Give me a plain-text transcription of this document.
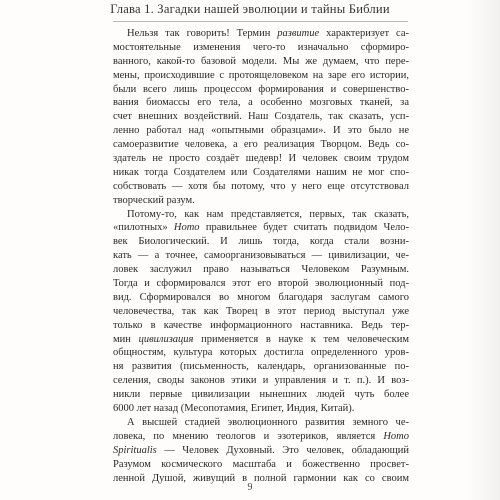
Глава 1. Загадки нашей эволюции и тайны Библии
Нельзя так говорить! Термин развитие характеризует са-
мостоятельные изменения чего-то изначально сформиро-
ванного, какой-то базовой модели. Мы же думаем, что пере-
мены, происходившие с протоящеловеком на заре его истории,
были всего лишь процессом формирования и совершенство-
вания биомассы его тела, а особенно мозговых тканей, за
счет внешних воздействий. Наш Создатель, так сказать, усп-
ленно работал над «опытными образцами». И это было не
самоеразвитие человека, а его реализация Творцом. Ведь со-
здатель не просто создаёт шедевр! И человек своим трудом
никак тогда Создателем или Создателями нашим не мог спо-
собствовать — хотя бы потому, что у него еще отсутствовал
творческий разум.
Потому-то, как нам представляется, первых, так сказать,
«пилотных» Homo правильнее будет считать подвидом Чело-
век Биологический. И лишь тогда, когда стали возни-
кать — а точнее, самоорганизовываться — цивилизации, че-
ловек заслужил право называться Человеком Разумным.
Тогда и сформировался этот его второй эволюционный под-
вид. Сформировался во многом благодаря заслугам самого
человечества, так как Творец в этот период выступал уже
только в качестве информационного наставника. Ведь тер-
мин цивилизация применяется в науке к тем человеческим
общностям, культура которых достигла определенного уров-
ня развития (письменность, календарь, организованные по-
селения, своды законов этики и управления и т. п.). И воз-
никли первые цивилизации нынешних людей чуть более
6000 лет назад (Месопотамия, Египет, Индия, Китай).
А высшей стадией эволюционного развития земного че-
ловека, по мнению теологов и эзотериков, является Homo
Spiritualis — Человек Духовный. Это человек, обладающий
Разумом космического масштаба и божественно просвет-
ленной Душой, живущий в полной гармонии как со своим
9
